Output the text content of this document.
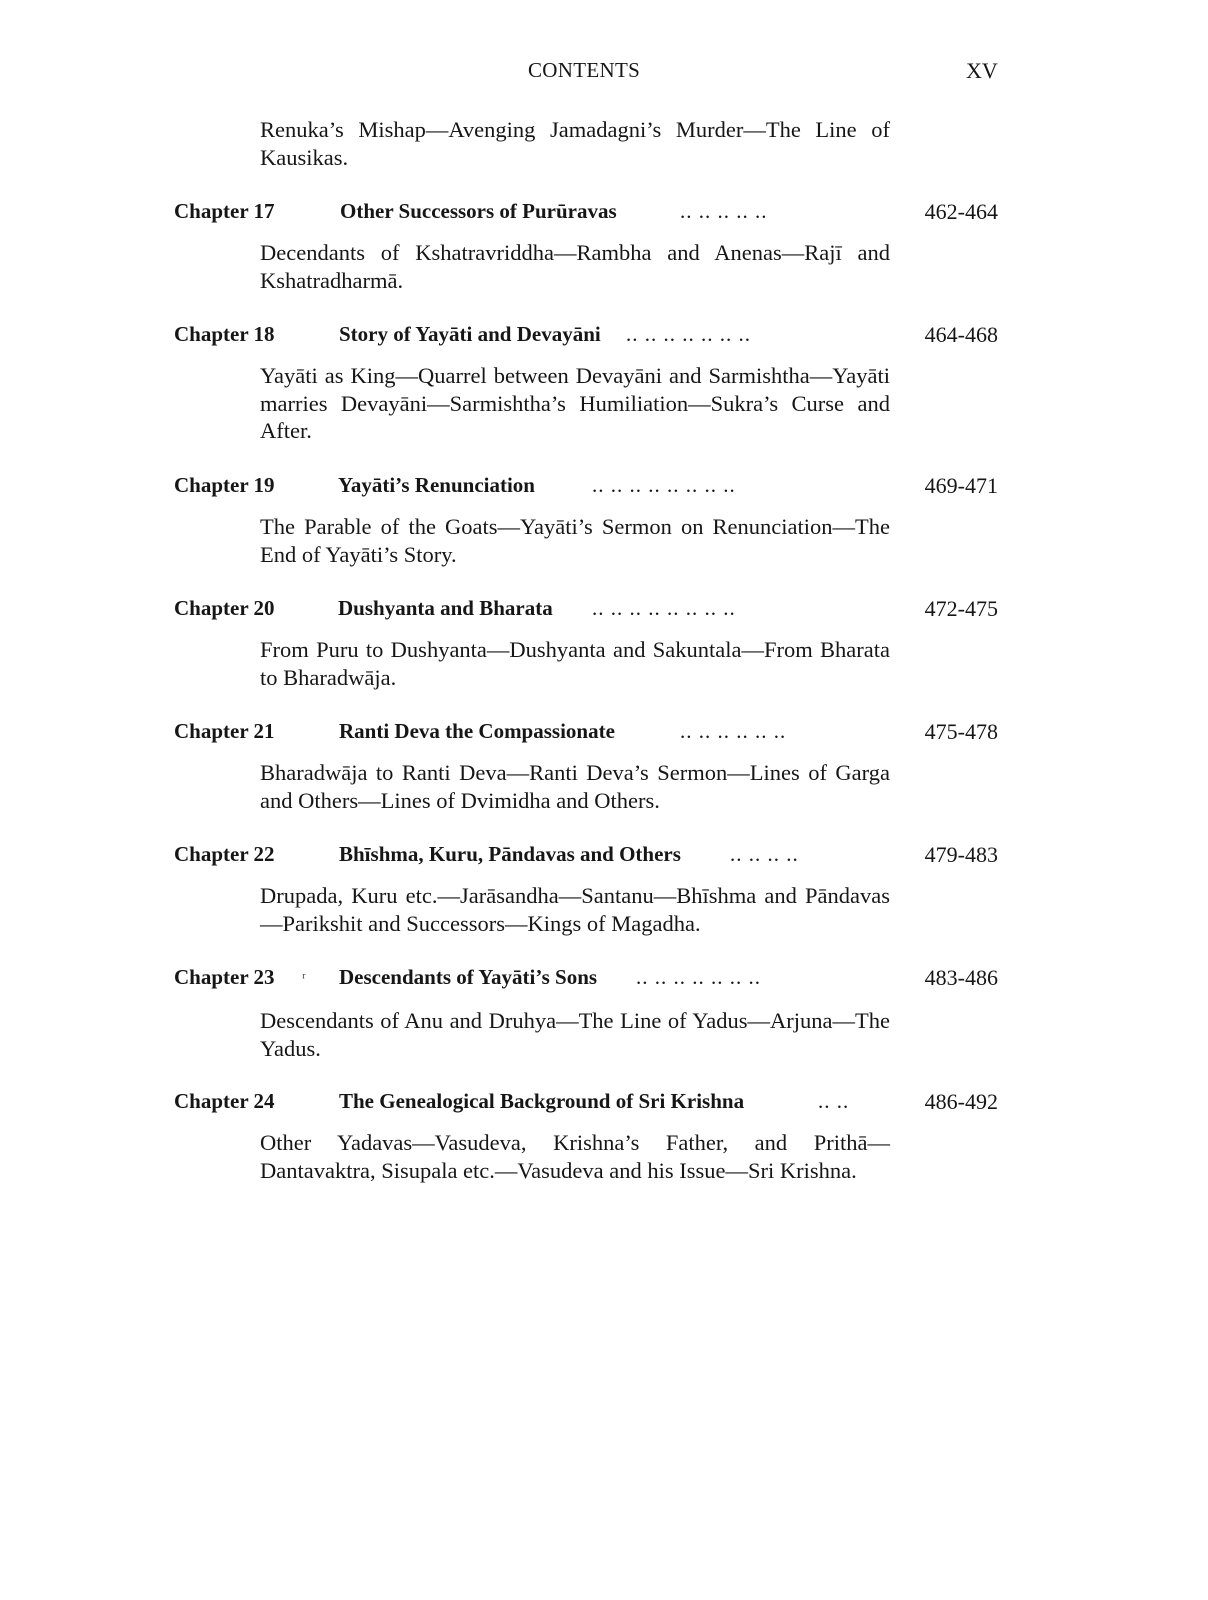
CONTENTS	XV
Renuka’s Mishap—Avenging Jamadagni’s Murder—The Line of Kausikas.
Chapter 17	Other Successors of Purūravas	.. .. .. .. ..	462-464
Decendants of Kshatravriddha—Rambha and Anenas—Rajī and Kshatradharmā.
Chapter 18	Story of Yayāti and Devayāni .. .. .. .. .. .. ..	464-468
Yayāti as King—Quarrel between Devayāni and Sarmishtha—Yayāti marries Devayāni—Sarmishtha’s Humiliation—Sukra’s Curse and After.
Chapter 19	Yayāti’s Renunciation	.. .. .. .. .. .. .. ..	469-471
The Parable of the Goats—Yayāti’s Sermon on Renunciation—The End of Yayāti’s Story.
Chapter 20	Dushyanta and Bharata .. .. .. .. .. .. .. ..	472-475
From Puru to Dushyanta—Dushyanta and Sakuntala—From Bharata to Bharadwāja.
Chapter 21	Ranti Deva the Compassionate	.. .. .. .. .. ..	475-478
Bharadwāja to Ranti Deva—Ranti Deva’s Sermon—Lines of Garga and Others—Lines of Dvimidha and Others.
Chapter 22	Bhīshma, Kuru, Pāndavas and Others .. .. .. ..	479-483
Drupada, Kuru etc.—Jarāsandha—Santanu—Bhīshma and Pāndavas—Parikshit and Successors—Kings of Magadha.
Chapter 23	Descendants of Yayāti’s Sons .. .. .. .. .. .. ..	483-486
Descendants of Anu and Druhya—The Line of Yadus—Arjuna—The Yadus.
Chapter 24	The Genealogical Background of Sri Krishna	.. ..	486-492
Other Yadavas—Vasudeva, Krishna’s Father, and Prithā—Dantavaktra, Sisupala etc.—Vasudeva and his Issue—Sri Krishna.
ʳ
